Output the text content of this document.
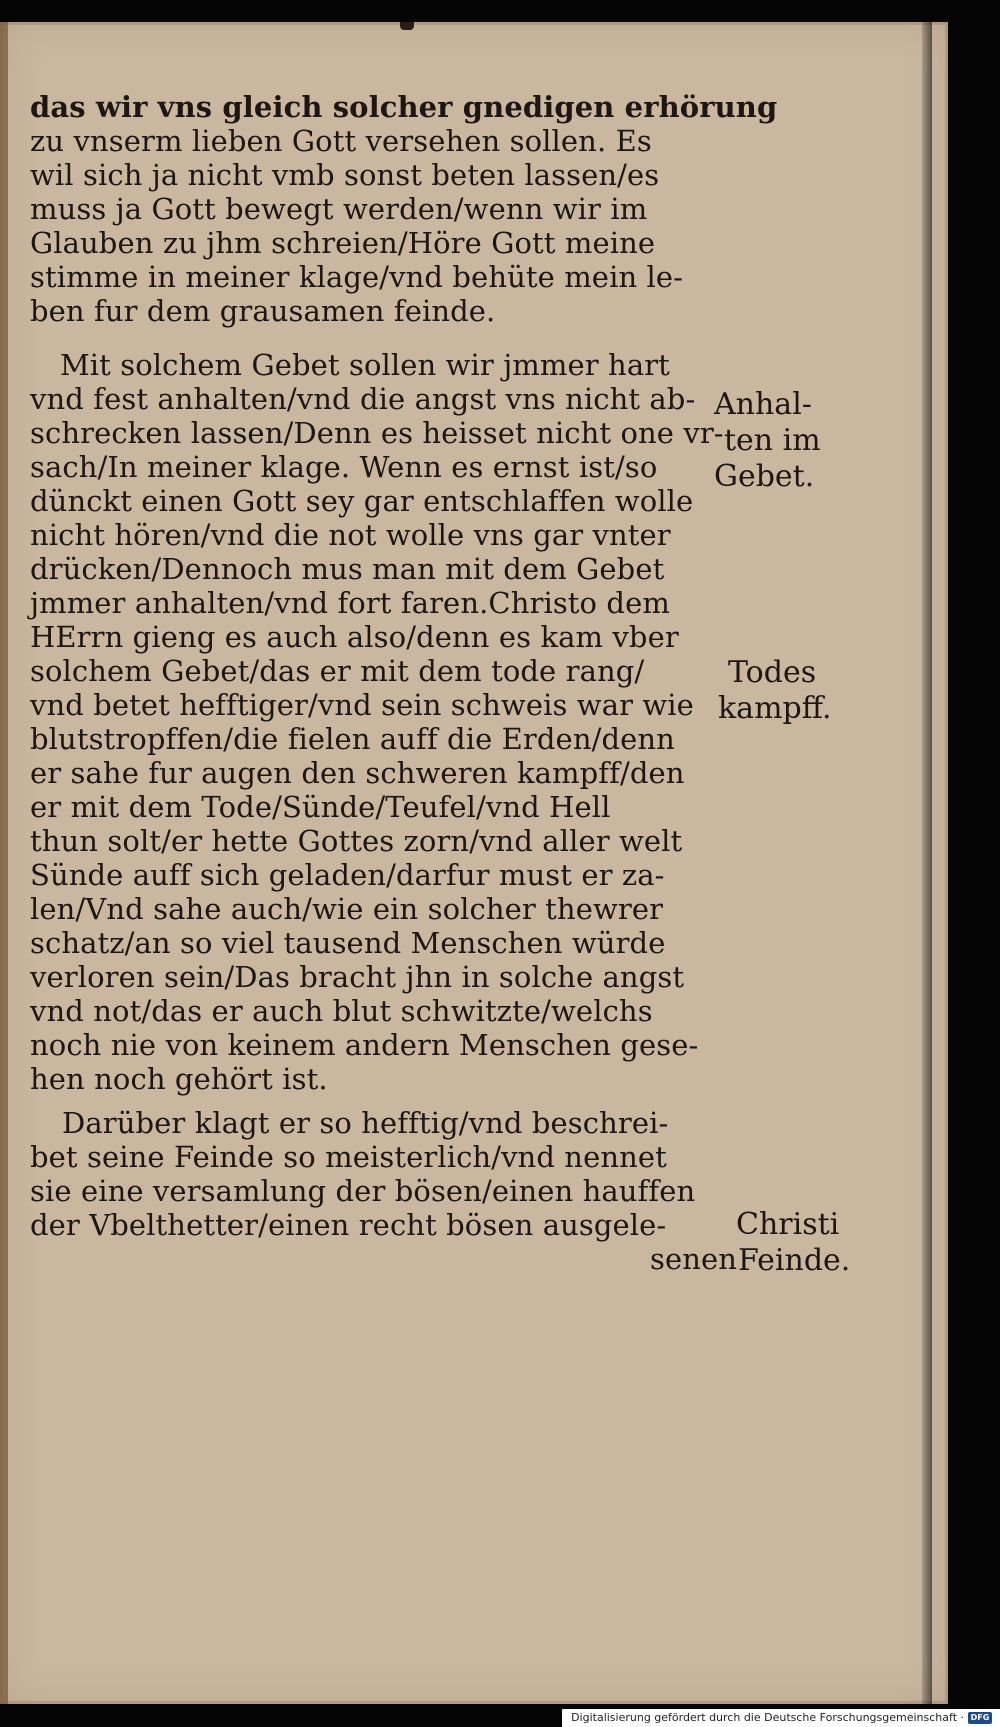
das wir vns gleich solcher gnedigen erhörung
zu vnserm lieben Gott versehen sollen. Es
wil sich ja nicht vmb sonst beten lassen/es
muss ja Gott bewegt werden/wenn wir im
Glauben zu jhm schreien/Höre Gott meine
stimme in meiner klage/vnd behüte mein le-
ben fur dem grausamen feinde.
Mit solchem Gebet sollen wir jmmer hart
vnd fest anhalten/vnd die angst vns nicht ab-
schrecken lassen/Denn es heisset nicht one vr-
sach/In meiner klage. Wenn es ernst ist/so
dünckt einen Gott sey gar entschlaffen wolle
nicht hören/vnd die not wolle vns gar vnter
drücken/Dennoch mus man mit dem Gebet
jmmer anhalten/vnd fort faren.Christo dem
HErrn gieng es auch also/denn es kam vber
solchem Gebet/das er mit dem tode rang/
vnd betet hefftiger/vnd sein schweis war wie
blutstropffen/die fielen auff die Erden/denn
er sahe fur augen den schweren kampff/den
er mit dem Tode/Sünde/Teufel/vnd Hell
thun solt/er hette Gottes zorn/vnd aller welt
Sünde auff sich geladen/darfur must er za-
len/Vnd sahe auch/wie ein solcher thewrer
schatz/an so viel tausend Menschen würde
verloren sein/Das bracht jhn in solche angst
vnd not/das er auch blut schwitzte/welchs
noch nie von keinem andern Menschen gese-
hen noch gehört ist.
Darüber klagt er so hefftig/vnd beschrei-
bet seine Feinde so meisterlich/vnd nennet
sie eine versamlung der bösen/einen hauffen
der Vbelthetter/einen recht bösen ausgele-
senen
Anhal-
ten im
Gebet.
Todes
kampff.
Christi
Feinde.
Digitalisierung gefördert durch die Deutsche Forschungsgemeinschaft · DFG
